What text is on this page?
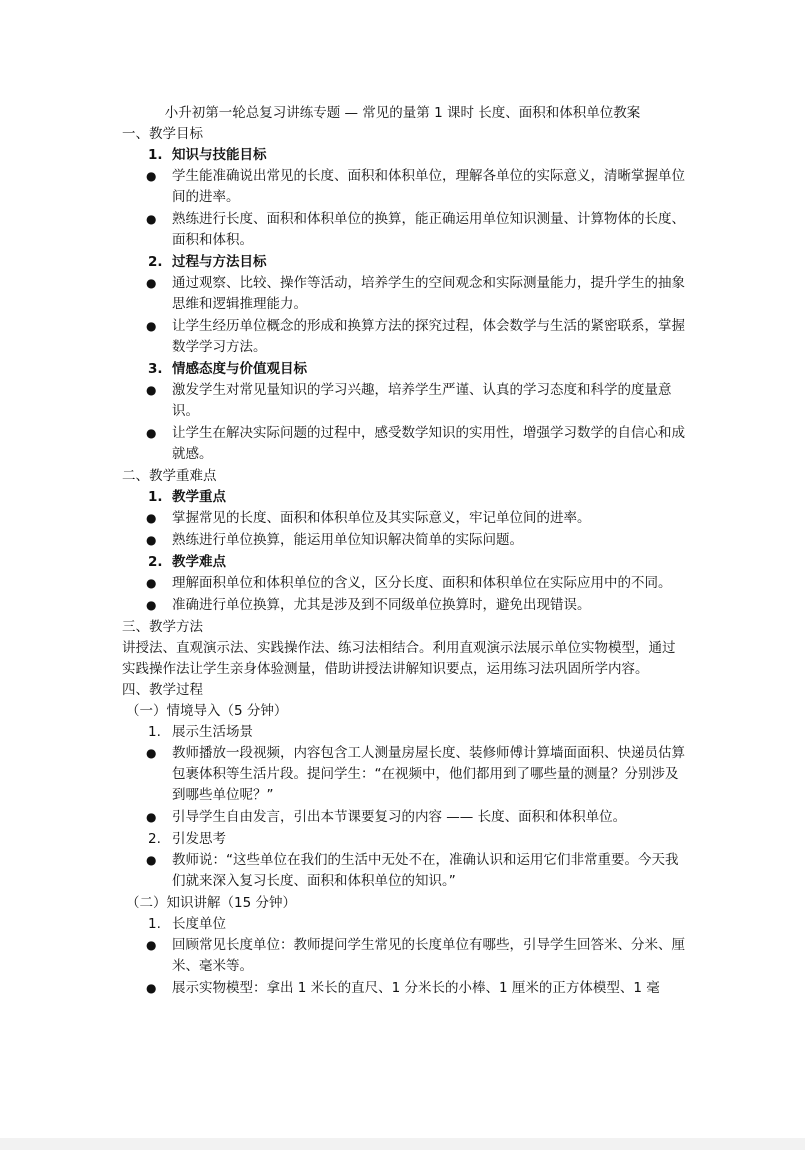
小升初第一轮总复习讲练专题 — 常见的量第 1 课时 长度、面积和体积单位教案
一、教学目标
1. 知识与技能目标
● 学生能准确说出常见的长度、面积和体积单位，理解各单位的实际意义，清晰掌握单位间的进率。
● 熟练进行长度、面积和体积单位的换算，能正确运用单位知识测量、计算物体的长度、面积和体积。
2. 过程与方法目标
● 通过观察、比较、操作等活动，培养学生的空间观念和实际测量能力，提升学生的抽象思维和逻辑推理能力。
● 让学生经历单位概念的形成和换算方法的探究过程，体会数学与生活的紧密联系，掌握数学学习方法。
3. 情感态度与价值观目标
● 激发学生对常见量知识的学习兴趣，培养学生严谨、认真的学习态度和科学的度量意识。
● 让学生在解决实际问题的过程中，感受数学知识的实用性，增强学习数学的自信心和成就感。
二、教学重难点
1. 教学重点
● 掌握常见的长度、面积和体积单位及其实际意义，牢记单位间的进率。
● 熟练进行单位换算，能运用单位知识解决简单的实际问题。
2. 教学难点
● 理解面积单位和体积单位的含义，区分长度、面积和体积单位在实际应用中的不同。
● 准确进行单位换算，尤其是涉及到不同级单位换算时，避免出现错误。
三、教学方法
讲授法、直观演示法、实践操作法、练习法相结合。利用直观演示法展示单位实物模型，通过实践操作法让学生亲身体验测量，借助讲授法讲解知识要点，运用练习法巩固所学内容。
四、教学过程
（一）情境导入（5 分钟）
1. 展示生活场景
● 教师播放一段视频，内容包含工人测量房屋长度、装修师傅计算墙面面积、快递员估算包裹体积等生活片段。提问学生：“在视频中，他们都用到了哪些量的测量？分别涉及到哪些单位呢？”
● 引导学生自由发言，引出本节课要复习的内容 —— 长度、面积和体积单位。
2. 引发思考
● 教师说：“这些单位在我们的生活中无处不在，准确认识和运用它们非常重要。今天我们就来深入复习长度、面积和体积单位的知识。”
（二）知识讲解（15 分钟）
1. 长度单位
● 回顾常见长度单位：教师提问学生常见的长度单位有哪些，引导学生回答米、分米、厘米、毫米等。
● 展示实物模型：拿出 1 米长的直尺、1 分米长的小棒、1 厘米的正方体模型、1 毫
